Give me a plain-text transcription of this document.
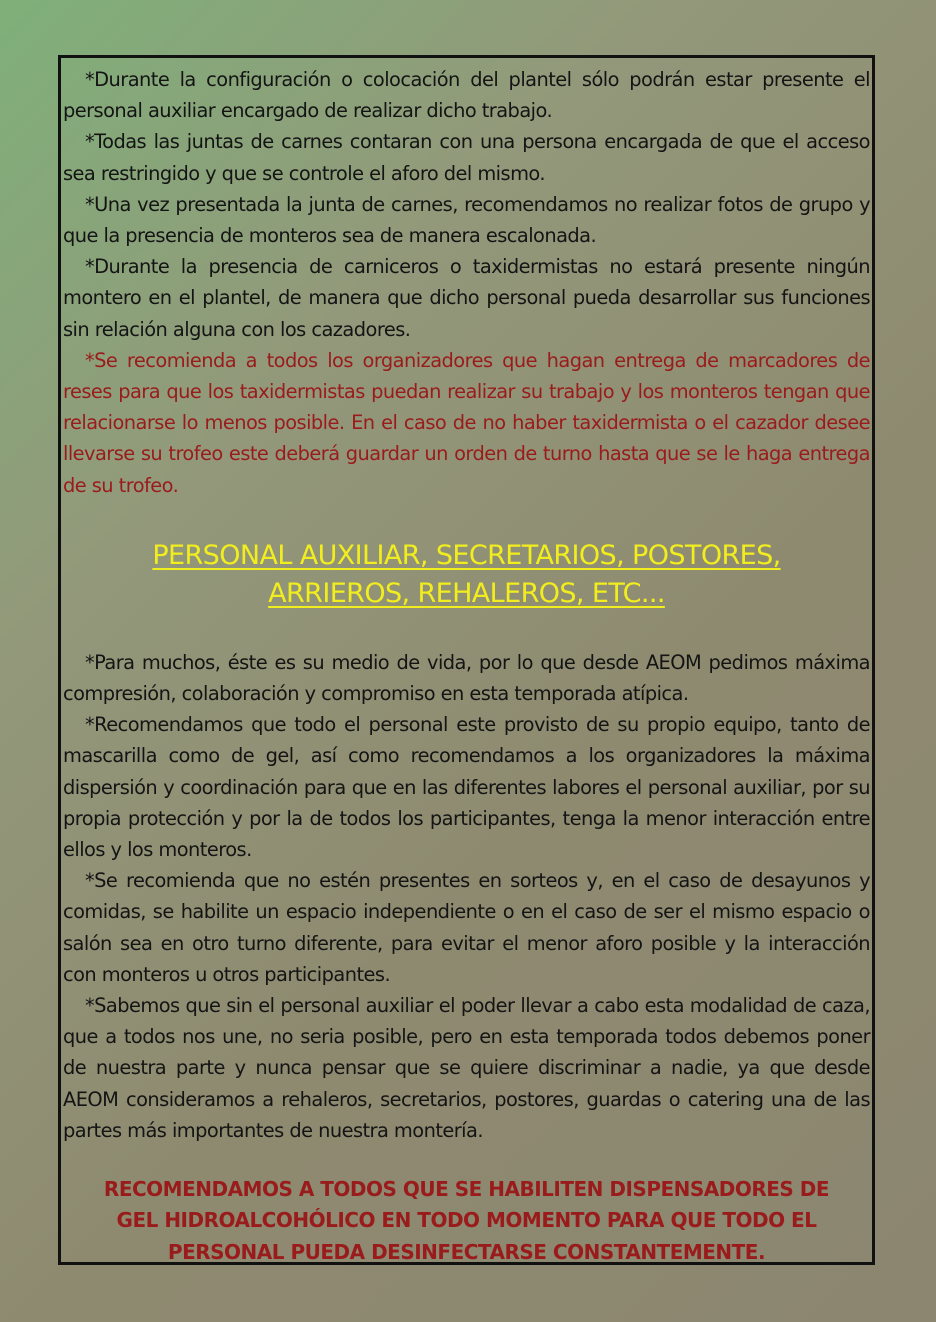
*Durante la configuración o colocación del plantel sólo podrán estar presente el personal auxiliar encargado de realizar dicho trabajo.

*Todas las juntas de carnes contaran con una persona encargada de que el acceso sea restringido y que se controle el aforo del mismo.

*Una vez presentada la junta de carnes, recomendamos no realizar fotos de grupo y que la presencia de monteros sea de manera escalonada.

*Durante la presencia de carniceros o taxidermistas no estará presente ningún montero en el plantel, de manera que dicho personal pueda desarrollar sus funciones sin relación alguna con los cazadores.

*Se recomienda a todos los organizadores que hagan entrega de marcadores de reses para que los taxidermistas puedan realizar su trabajo y los monteros tengan que relacionarse lo menos posible. En el caso de no haber taxidermista o el cazador desee llevarse su trofeo este deberá guardar un orden de turno hasta que se le haga entrega de su trofeo.

PERSONAL AUXILIAR, SECRETARIOS, POSTORES,
ARRIEROS, REHALEROS, ETC...

*Para muchos, éste es su medio de vida, por lo que desde AEOM pedimos máxima compresión, colaboración y compromiso en esta temporada atípica.

*Recomendamos que todo el personal este provisto de su propio equipo, tanto de mascarilla como de gel, así como recomendamos a los organizadores la máxima dispersión y coordinación para que en las diferentes labores el personal auxiliar, por su propia protección y por la de todos los participantes, tenga la menor interacción entre ellos y los monteros.

*Se recomienda que no estén presentes en sorteos y, en el caso de desayunos y comidas, se habilite un espacio independiente o en el caso de ser el mismo espacio o salón sea en otro turno diferente, para evitar el menor aforo posible y la interacción con monteros u otros participantes.

*Sabemos que sin el personal auxiliar el poder llevar a cabo esta modalidad de caza, que a todos nos une, no seria posible, pero en esta temporada todos debemos poner de nuestra parte y nunca pensar que se quiere discriminar a nadie, ya que desde AEOM consideramos a rehaleros, secretarios, postores, guardas o catering una de las partes más importantes de nuestra montería.

RECOMENDAMOS A TODOS QUE SE HABILITEN DISPENSADORES DE
GEL HIDROALCOHÓLICO EN TODO MOMENTO PARA QUE TODO EL
PERSONAL PUEDA DESINFECTARSE CONSTANTEMENTE.
